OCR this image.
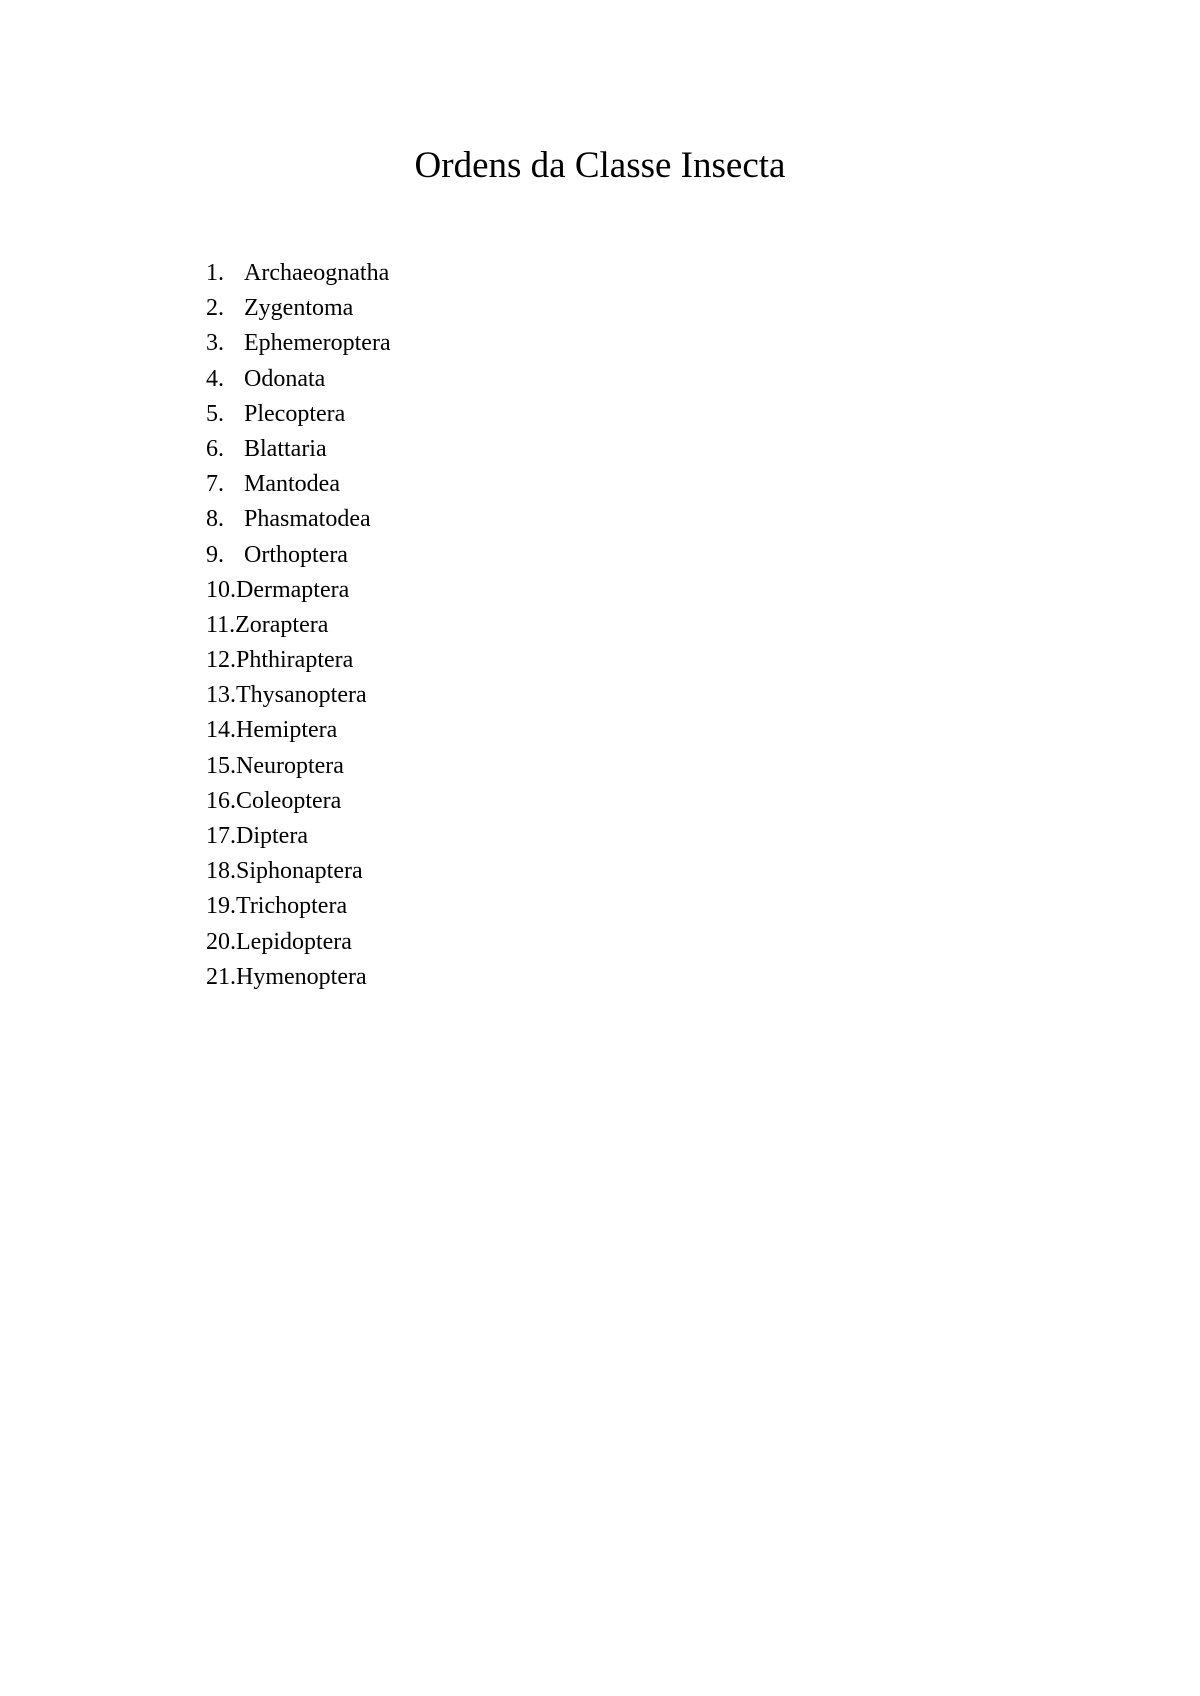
Ordens da Classe Insecta
1. Archaeognatha
2. Zygentoma
3. Ephemeroptera
4. Odonata
5. Plecoptera
6. Blattaria
7. Mantodea
8. Phasmatodea
9. Orthoptera
10. Dermaptera
11. Zoraptera
12. Phthiraptera
13. Thysanoptera
14. Hemiptera
15. Neuroptera
16. Coleoptera
17. Diptera
18. Siphonaptera
19. Trichoptera
20. Lepidoptera
21. Hymenoptera
